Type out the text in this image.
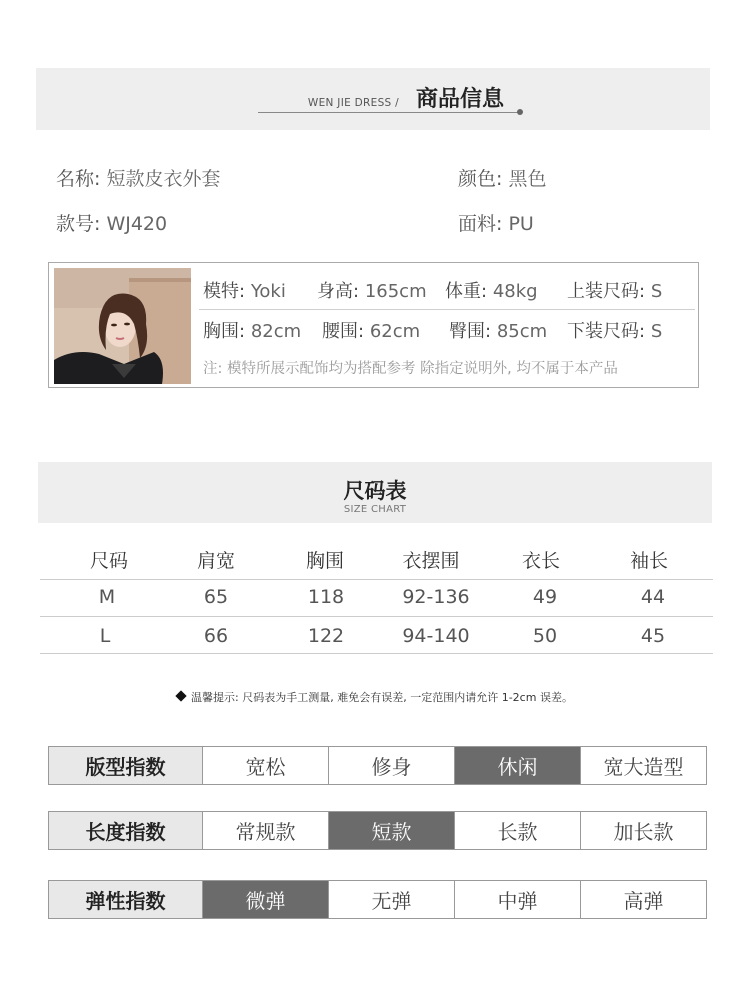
WEN JIE DRESS / 商品信息
名称: 短款皮衣外套	颜色: 黑色
款号: WJ420	面料: PU
模特: Yoki 身高: 165cm 体重: 48kg 上装尺码: S
胸围: 82cm 腰围: 62cm 臀围: 85cm 下装尺码: S
注: 模特所展示配饰均为搭配参考 除指定说明外, 均不属于本产品
尺码表
SIZE CHART
尺码	肩宽	胸围	衣摆围	衣长	袖长
M	65	118	92-136	49	44
L	66	122	94-140	50	45
温馨提示: 尺码表为手工测量, 难免会有误差, 一定范围内请允许 1-2cm 误差。
版型指数	宽松	修身	休闲	宽大造型
长度指数	常规款	短款	长款	加长款
弹性指数	微弹	无弹	中弹	高弹
